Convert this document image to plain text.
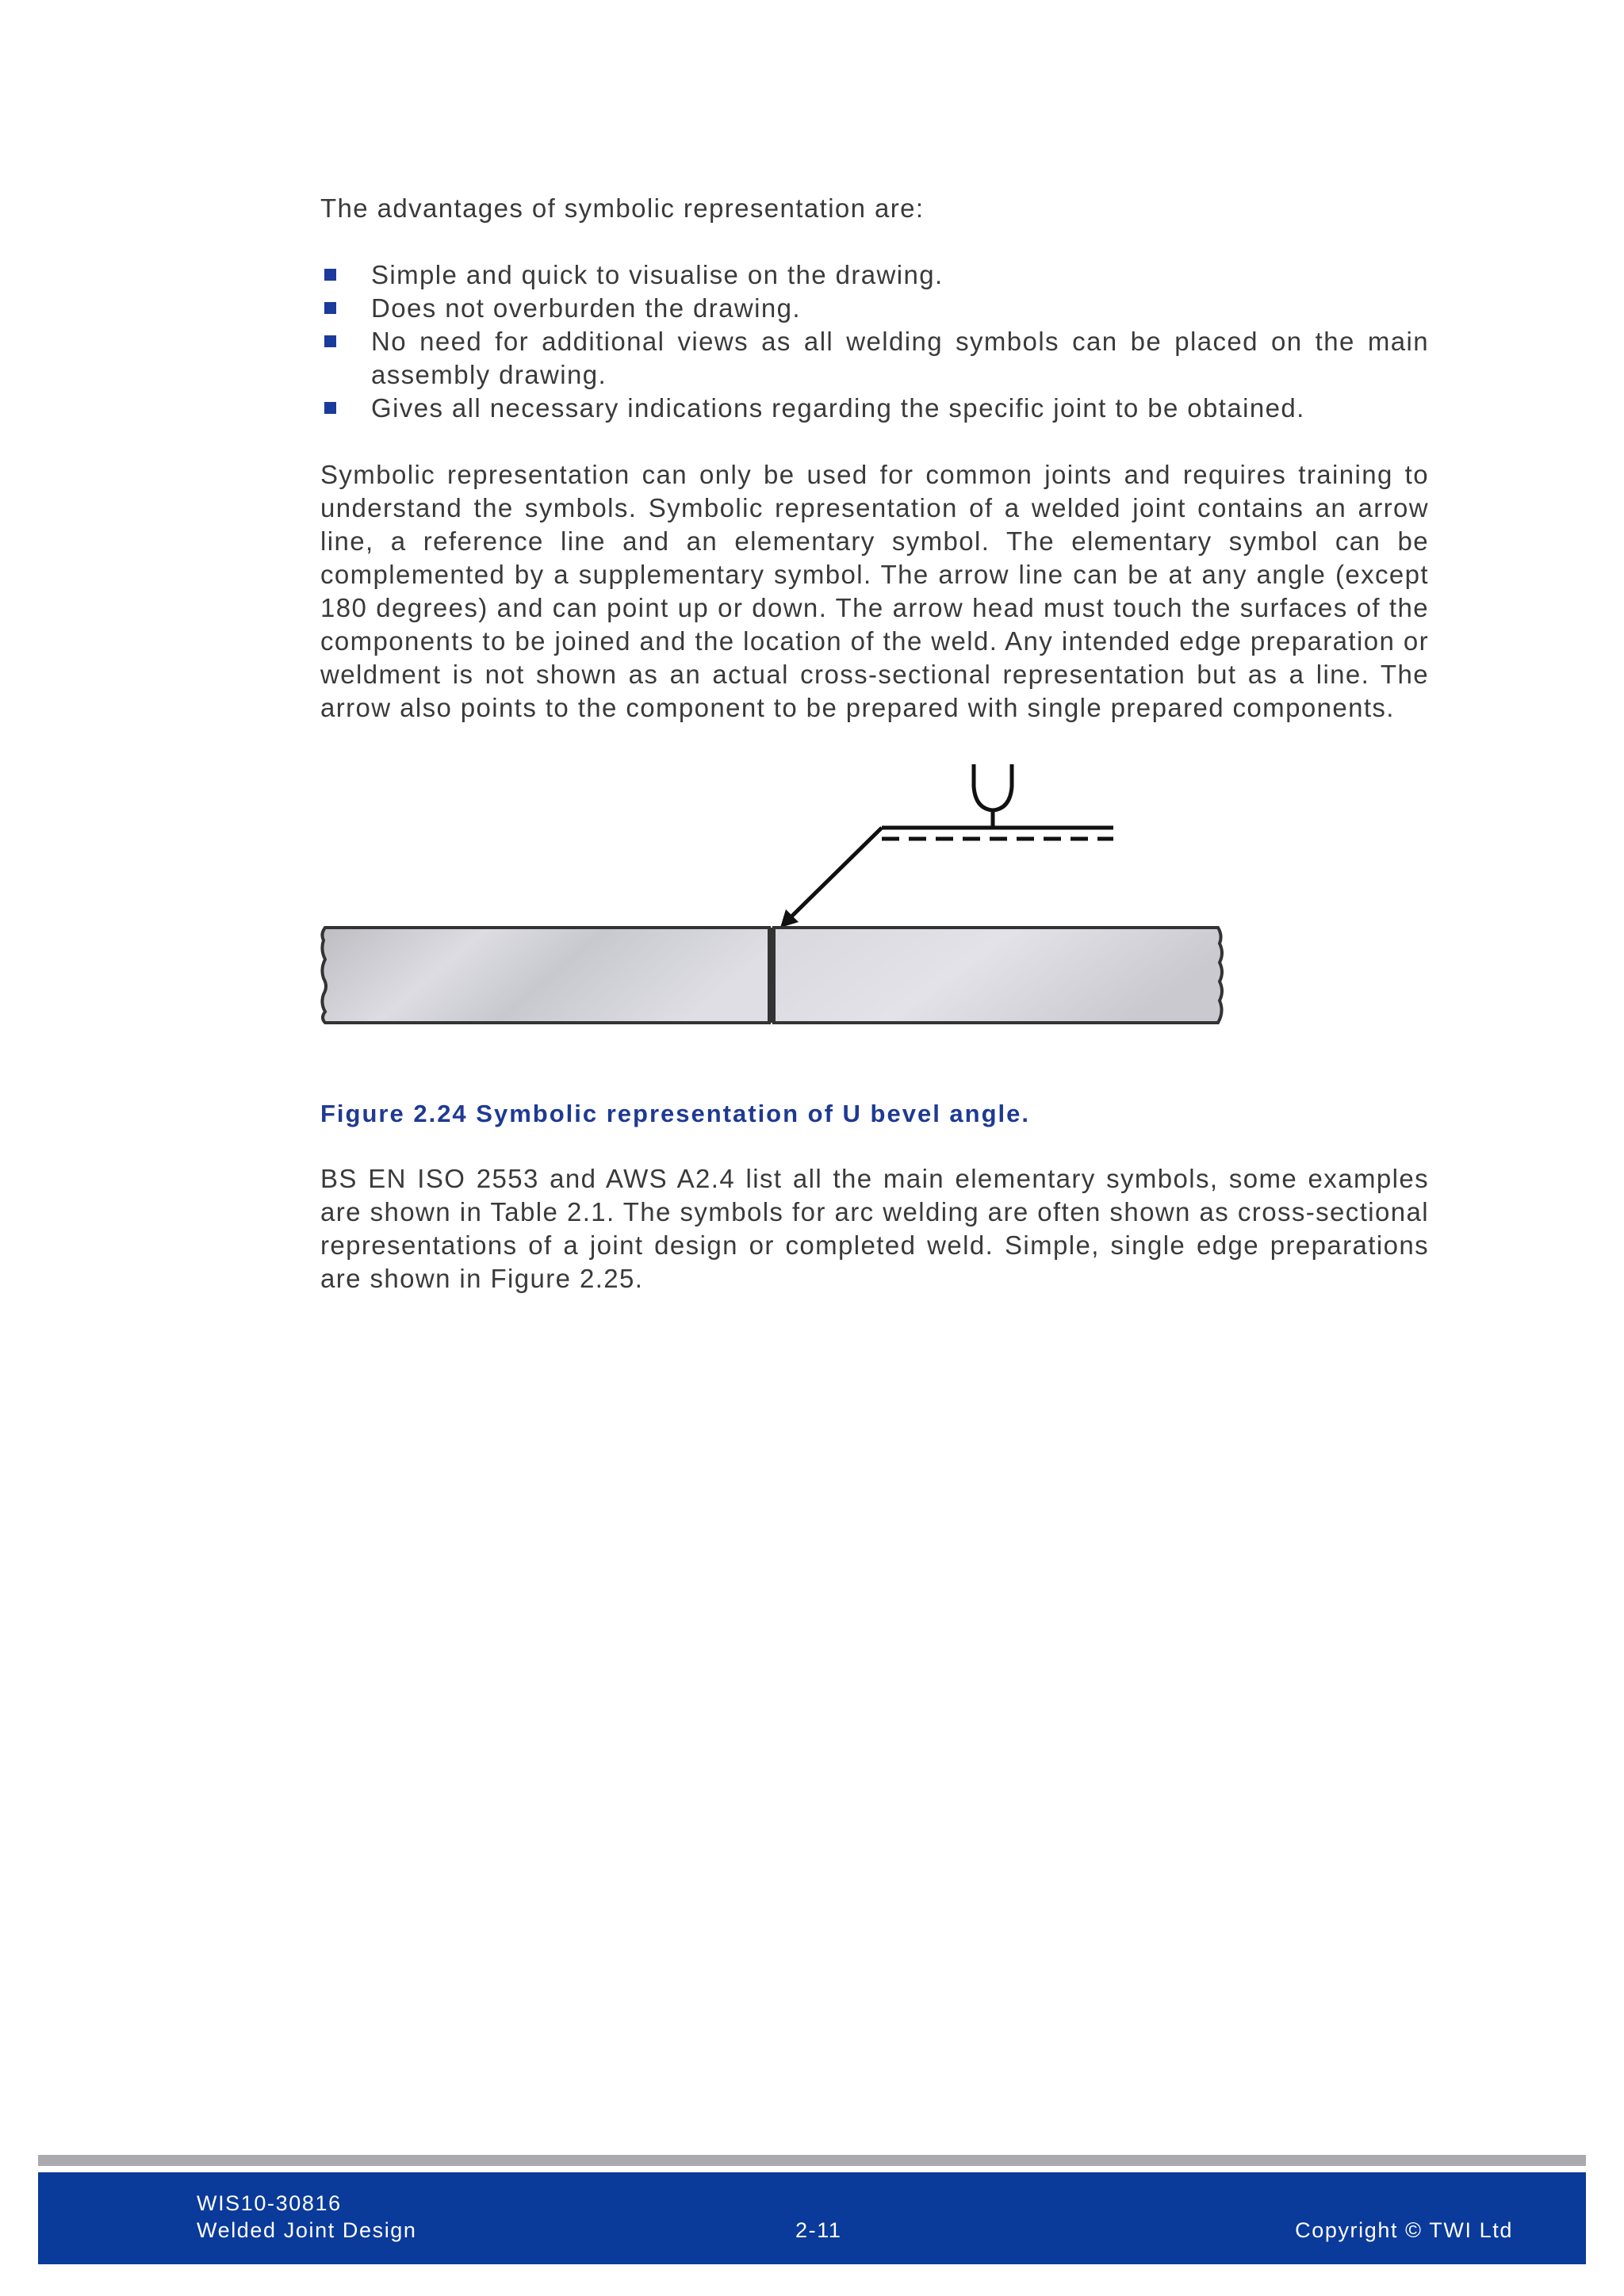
The advantages of symbolic representation are:

Simple and quick to visualise on the drawing.
Does not overburden the drawing.
No need for additional views as all welding symbols can be placed on the main assembly drawing.
Gives all necessary indications regarding the specific joint to be obtained.

Symbolic representation can only be used for common joints and requires training to understand the symbols. Symbolic representation of a welded joint contains an arrow line, a reference line and an elementary symbol. The elementary symbol can be complemented by a supplementary symbol. The arrow line can be at any angle (except 180 degrees) and can point up or down. The arrow head must touch the surfaces of the components to be joined and the location of the weld. Any intended edge preparation or weldment is not shown as an actual cross-sectional representation but as a line. The arrow also points to the component to be prepared with single prepared components.

Figure 2.24 Symbolic representation of U bevel angle.

BS EN ISO 2553 and AWS A2.4 list all the main elementary symbols, some examples are shown in Table 2.1. The symbols for arc welding are often shown as cross-sectional representations of a joint design or completed weld. Simple, single edge preparations are shown in Figure 2.25.

WIS10-30816
Welded Joint Design	2-11	Copyright © TWI Ltd
